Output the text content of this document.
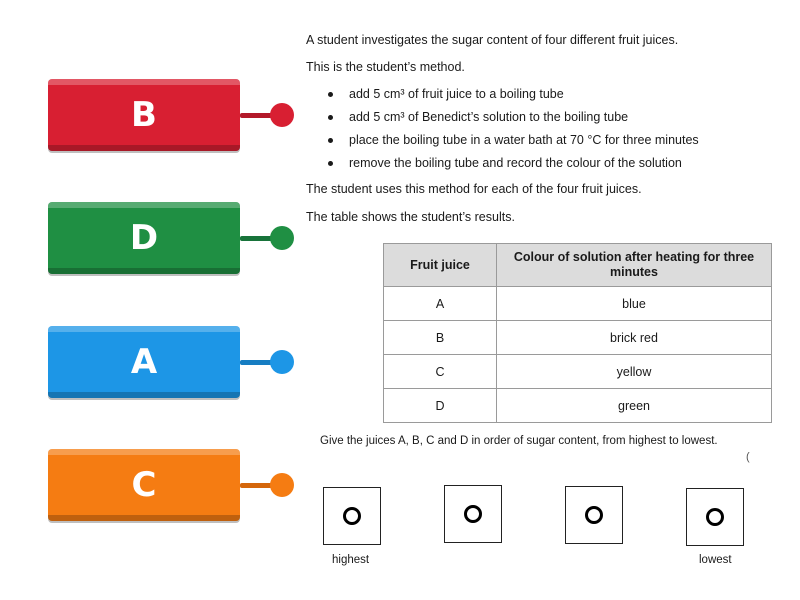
B
D
A
C
A student investigates the sugar content of four different fruit juices.
This is the student’s method.
add 5 cm³ of fruit juice to a boiling tube
add 5 cm³ of Benedict’s solution to the boiling tube
place the boiling tube in a water bath at 70 °C for three minutes
remove the boiling tube and record the colour of the solution
The student uses this method for each of the four fruit juices.
The table shows the student’s results.
Fruit juice	Colour of solution after heating for three minutes
A	blue
B	brick red
C	yellow
D	green
Give the juices A, B, C and D in order of sugar content, from highest to lowest.
(
highest	lowest
